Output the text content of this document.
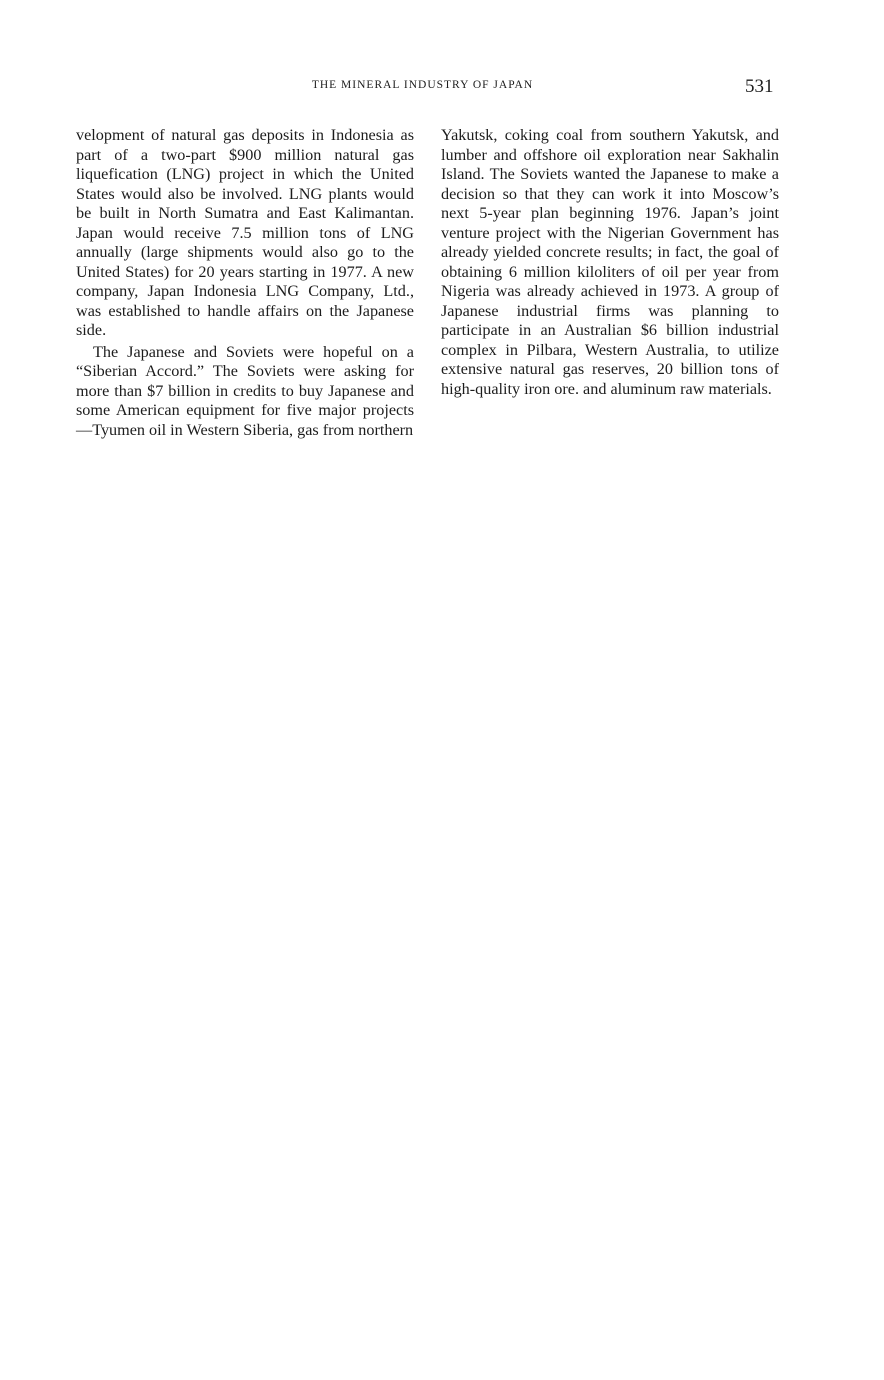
THE MINERAL INDUSTRY OF JAPAN	531

velopment of natural gas deposits in Indonesia as part of a two-part $900 million natural gas liquefication (LNG) project in which the United States would also be involved. LNG plants would be built in North Sumatra and East Kalimantan. Japan would receive 7.5 million tons of LNG annually (large shipments would also go to the United States) for 20 years starting in 1977. A new company, Japan Indonesia LNG Company, Ltd., was established to handle affairs on the Japanese side.

The Japanese and Soviets were hopeful on a “Siberian Accord.” The Soviets were asking for more than $7 billion in credits to buy Japanese and some American equipment for five major projects—Tyumen oil in Western Siberia, gas from northern

Yakutsk, coking coal from southern Yakutsk, and lumber and offshore oil exploration near Sakhalin Island. The Soviets wanted the Japanese to make a decision so that they can work it into Moscow’s next 5-year plan beginning 1976. Japan’s joint venture project with the Nigerian Government has already yielded concrete results; in fact, the goal of obtaining 6 million kiloliters of oil per year from Nigeria was already achieved in 1973. A group of Japanese industrial firms was planning to participate in an Australian $6 billion industrial complex in Pilbara, Western Australia, to utilize extensive natural gas reserves, 20 billion tons of high-quality iron ore. and aluminum raw materials.
